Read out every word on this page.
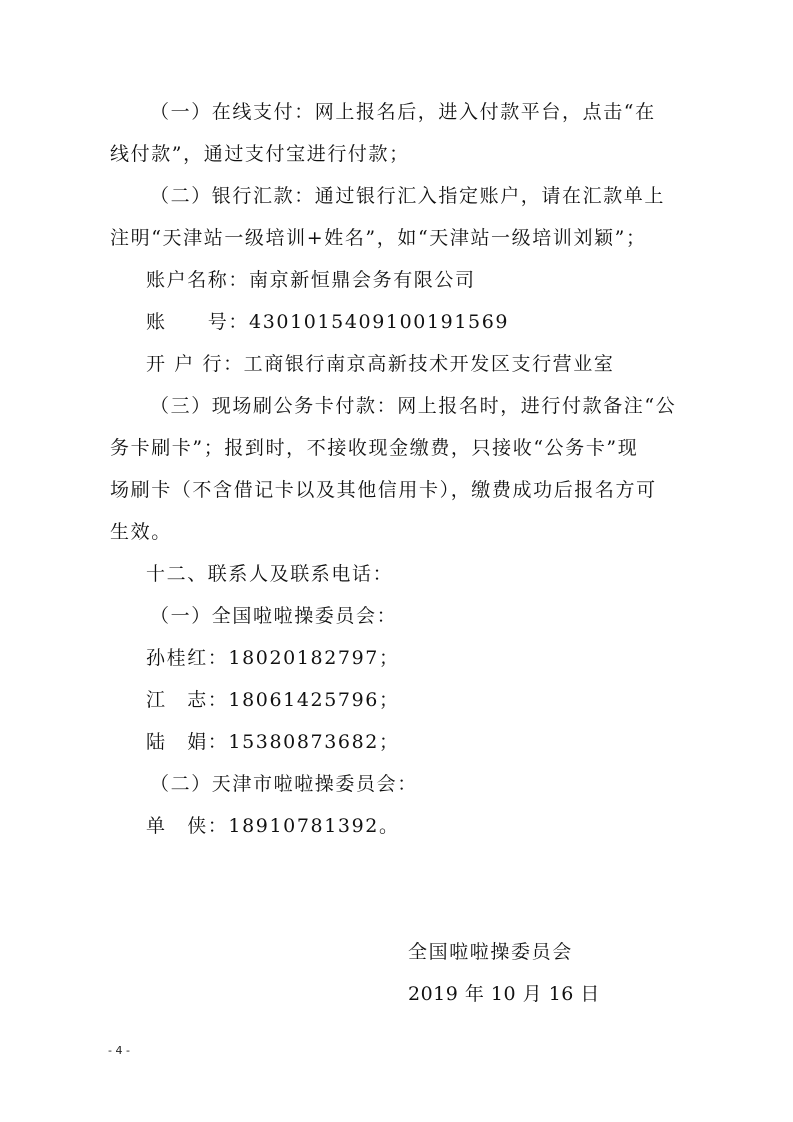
（一）在线支付：网上报名后，进入付款平台，点击“在
线付款”，通过支付宝进行付款；
（二）银行汇款：通过银行汇入指定账户，请在汇款单上
注明“天津站一级培训+姓名”，如“天津站一级培训刘颖”；
账户名称：南京新恒鼎会务有限公司
账　　号：4301015409100191569
开 户 行：工商银行南京高新技术开发区支行营业室
（三）现场刷公务卡付款：网上报名时，进行付款备注“公
务卡刷卡”；报到时，不接收现金缴费，只接收“公务卡”现
场刷卡（不含借记卡以及其他信用卡），缴费成功后报名方可
生效。
十二、联系人及联系电话：
（一）全国啦啦操委员会：
孙桂红：18020182797；
江　志：18061425796；
陆　娟：15380873682；
（二）天津市啦啦操委员会：
单　侠：18910781392。
全国啦啦操委员会
2019 年 10 月 16 日
- 4 -
